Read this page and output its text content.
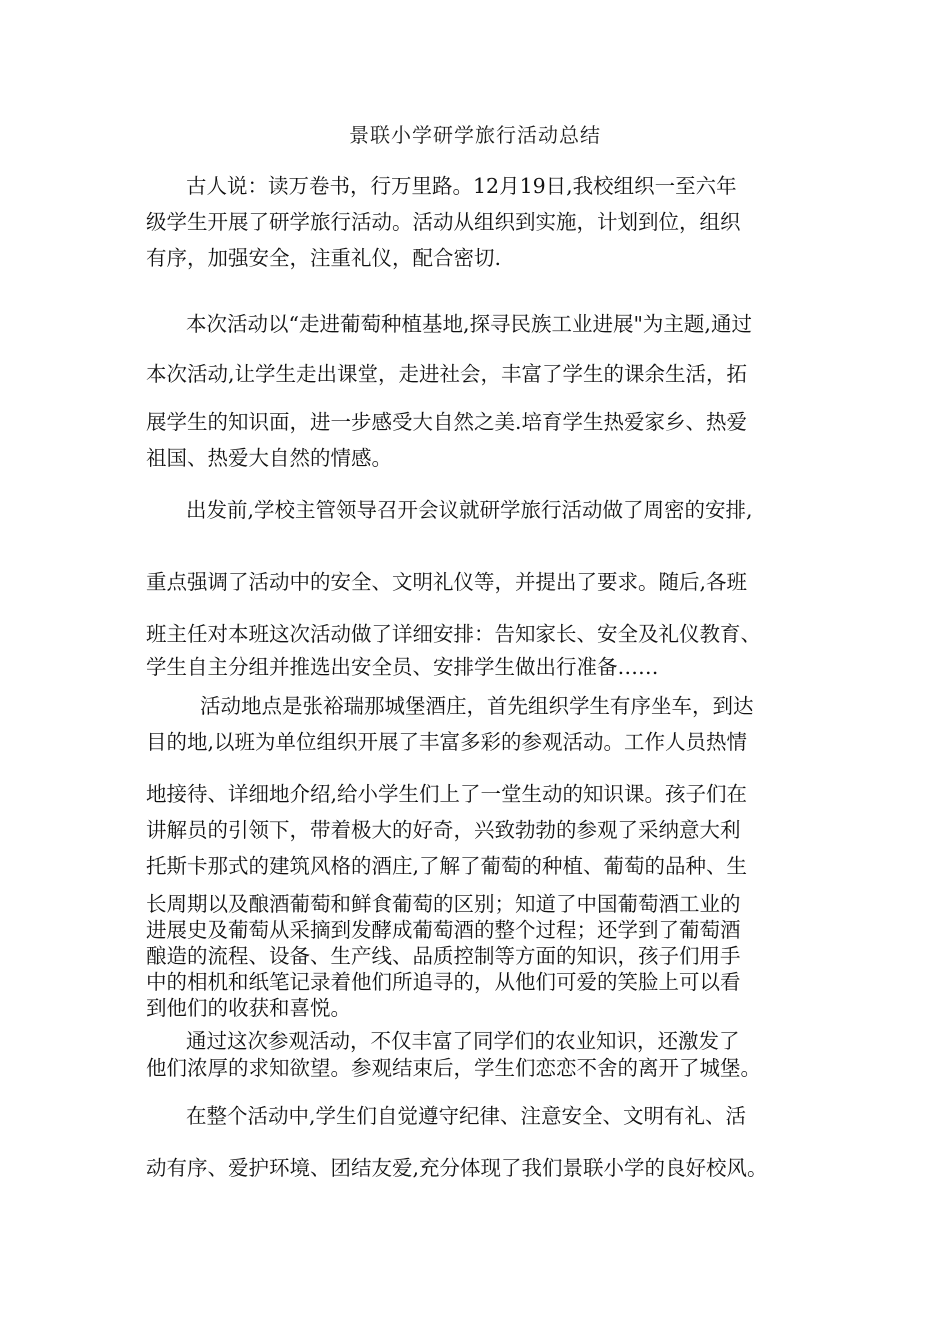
景联小学研学旅行活动总结
古人说：读万卷书，行万里路。12月19日,我校组织一至六年
级学生开展了研学旅行活动。活动从组织到实施，计划到位，组织
有序，加强安全，注重礼仪，配合密切.
本次活动以“走进葡萄种植基地,探寻民族工业进展"为主题,通过
本次活动,让学生走出课堂，走进社会，丰富了学生的课余生活，拓
展学生的知识面，进一步感受大自然之美.培育学生热爱家乡、热爱
祖国、热爱大自然的情感。
出发前,学校主管领导召开会议就研学旅行活动做了周密的安排,
重点强调了活动中的安全、文明礼仪等，并提出了要求。随后,各班
班主任对本班这次活动做了详细安排：告知家长、安全及礼仪教育、
学生自主分组并推选出安全员、安排学生做出行准备……
活动地点是张裕瑞那城堡酒庄，首先组织学生有序坐车，到达
目的地,以班为单位组织开展了丰富多彩的参观活动。工作人员热情
地接待、详细地介绍,给小学生们上了一堂生动的知识课。孩子们在
讲解员的引领下，带着极大的好奇，兴致勃勃的参观了采纳意大利
托斯卡那式的建筑风格的酒庄,了解了葡萄的种植、葡萄的品种、生
长周期以及酿酒葡萄和鲜食葡萄的区别；知道了中国葡萄酒工业的
进展史及葡萄从采摘到发酵成葡萄酒的整个过程；还学到了葡萄酒
酿造的流程、设备、生产线、品质控制等方面的知识，孩子们用手
中的相机和纸笔记录着他们所追寻的，从他们可爱的笑脸上可以看
到他们的收获和喜悦。
通过这次参观活动，不仅丰富了同学们的农业知识，还激发了
他们浓厚的求知欲望。参观结束后，学生们恋恋不舍的离开了城堡。
在整个活动中,学生们自觉遵守纪律、注意安全、文明有礼、活
动有序、爱护环境、团结友爱,充分体现了我们景联小学的良好校风。
